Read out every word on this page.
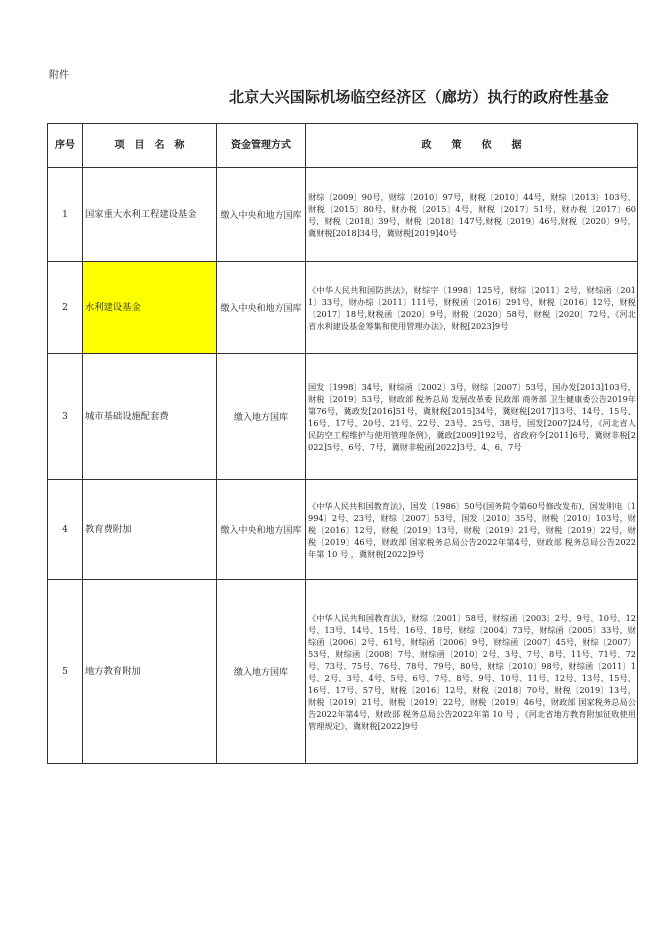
附件
北京大兴国际机场临空经济区（廊坊）执行的政府性基金
序号	项　目　名　称	资金管理方式	政　　策　　依　　据
1	国家重大水利工程建设基金	缴入中央和地方国库	财综〔2009〕90号，财综〔2010〕97号，财税〔2010〕44号，财综〔2013〕103号，财税〔2015〕80号，财办税〔2015〕4号，财税〔2017〕51号，财办税〔2017〕60号，财税〔2018〕39号，财税〔2018〕147号,财税〔2019〕46号,财税〔2020〕9号，冀财税[2018]34号，冀财税[2019]40号
2	水利建设基金	缴入中央和地方国库	《中华人民共和国防洪法》，财综字〔1998〕125号，财综〔2011〕2号，财综函〔2011〕33号，财办综〔2011〕111号，财税函〔2016〕291号，财税〔2016〕12号，财税〔2017〕18号,财税函〔2020〕9号，财税〔2020〕58号，财税〔2020〕72号，《河北省水利建设基金筹集和使用管理办法》，财税[2023]9号
3	城市基础设施配套费	缴入地方国库	国发〔1998〕34号，财综函〔2002〕3号，财综〔2007〕53号，国办发[2013]103号，财税〔2019〕53号，财政部 税务总局 发展改革委 民政部 商务部 卫生健康委公告2019年第76号，冀政发[2016]51号，冀财税[2015]34号，冀财税[2017]13号、14号、15号、16号、17号、20号、21号、22号、23号、25号、38号，国发[2007]24号，《河北省人民防空工程维护与使用管理条例》，冀政[2009]192号，省政府令[2011]6号，冀财非税[2022]5号、6号、7号，冀财非税函[2022]3号、4、6、7号
4	教育费附加	缴入中央和地方国库	《中华人民共和国教育法》，国发〔1986〕50号(国务院令第60号修改发布)，国发明电〔1994〕2号、23号，财综〔2007〕53号，国发〔2010〕35号，财税〔2010〕103号，财税〔2016〕12号，财税〔2019〕13号，财税〔2019〕21号，财税〔2019〕22号，财税〔2019〕46号，财政部 国家税务总局公告2022年第4号，财政部 税务总局公告2022年第 10 号 ，冀财税[2022]9号
5	地方教育附加	缴入地方国库	《中华人民共和国教育法》，财综〔2001〕58号，财综函〔2003〕2号、9号、10号、12号、13号、14号、15号、16号、18号，财综〔2004〕73号，财综函〔2005〕33号，财综函〔2006〕2号、61号，财综函〔2006〕9号，财综函〔2007〕45号，财综〔2007〕53号，财综函〔2008〕7号，财综函〔2010〕2号、3号、7号、8号、11号、71号、72号、73号、75号、76号、78号、79号、80号，财综〔2010〕98号，财综函〔2011〕1号、2号、3号、4号、5号、6号、7号、8号、9号、10号、11号、12号、13号、15号、16号、17号、57号，财税〔2016〕12号，财税〔2018〕70号，财税〔2019〕13号，财税〔2019〕21号，财税〔2019〕22号，财税〔2019〕46号，财政部 国家税务总局公告2022年第4号，财政部 税务总局公告2022年第 10 号 ，《河北省地方教育附加征收使用管理规定》，冀财税[2022]9号
